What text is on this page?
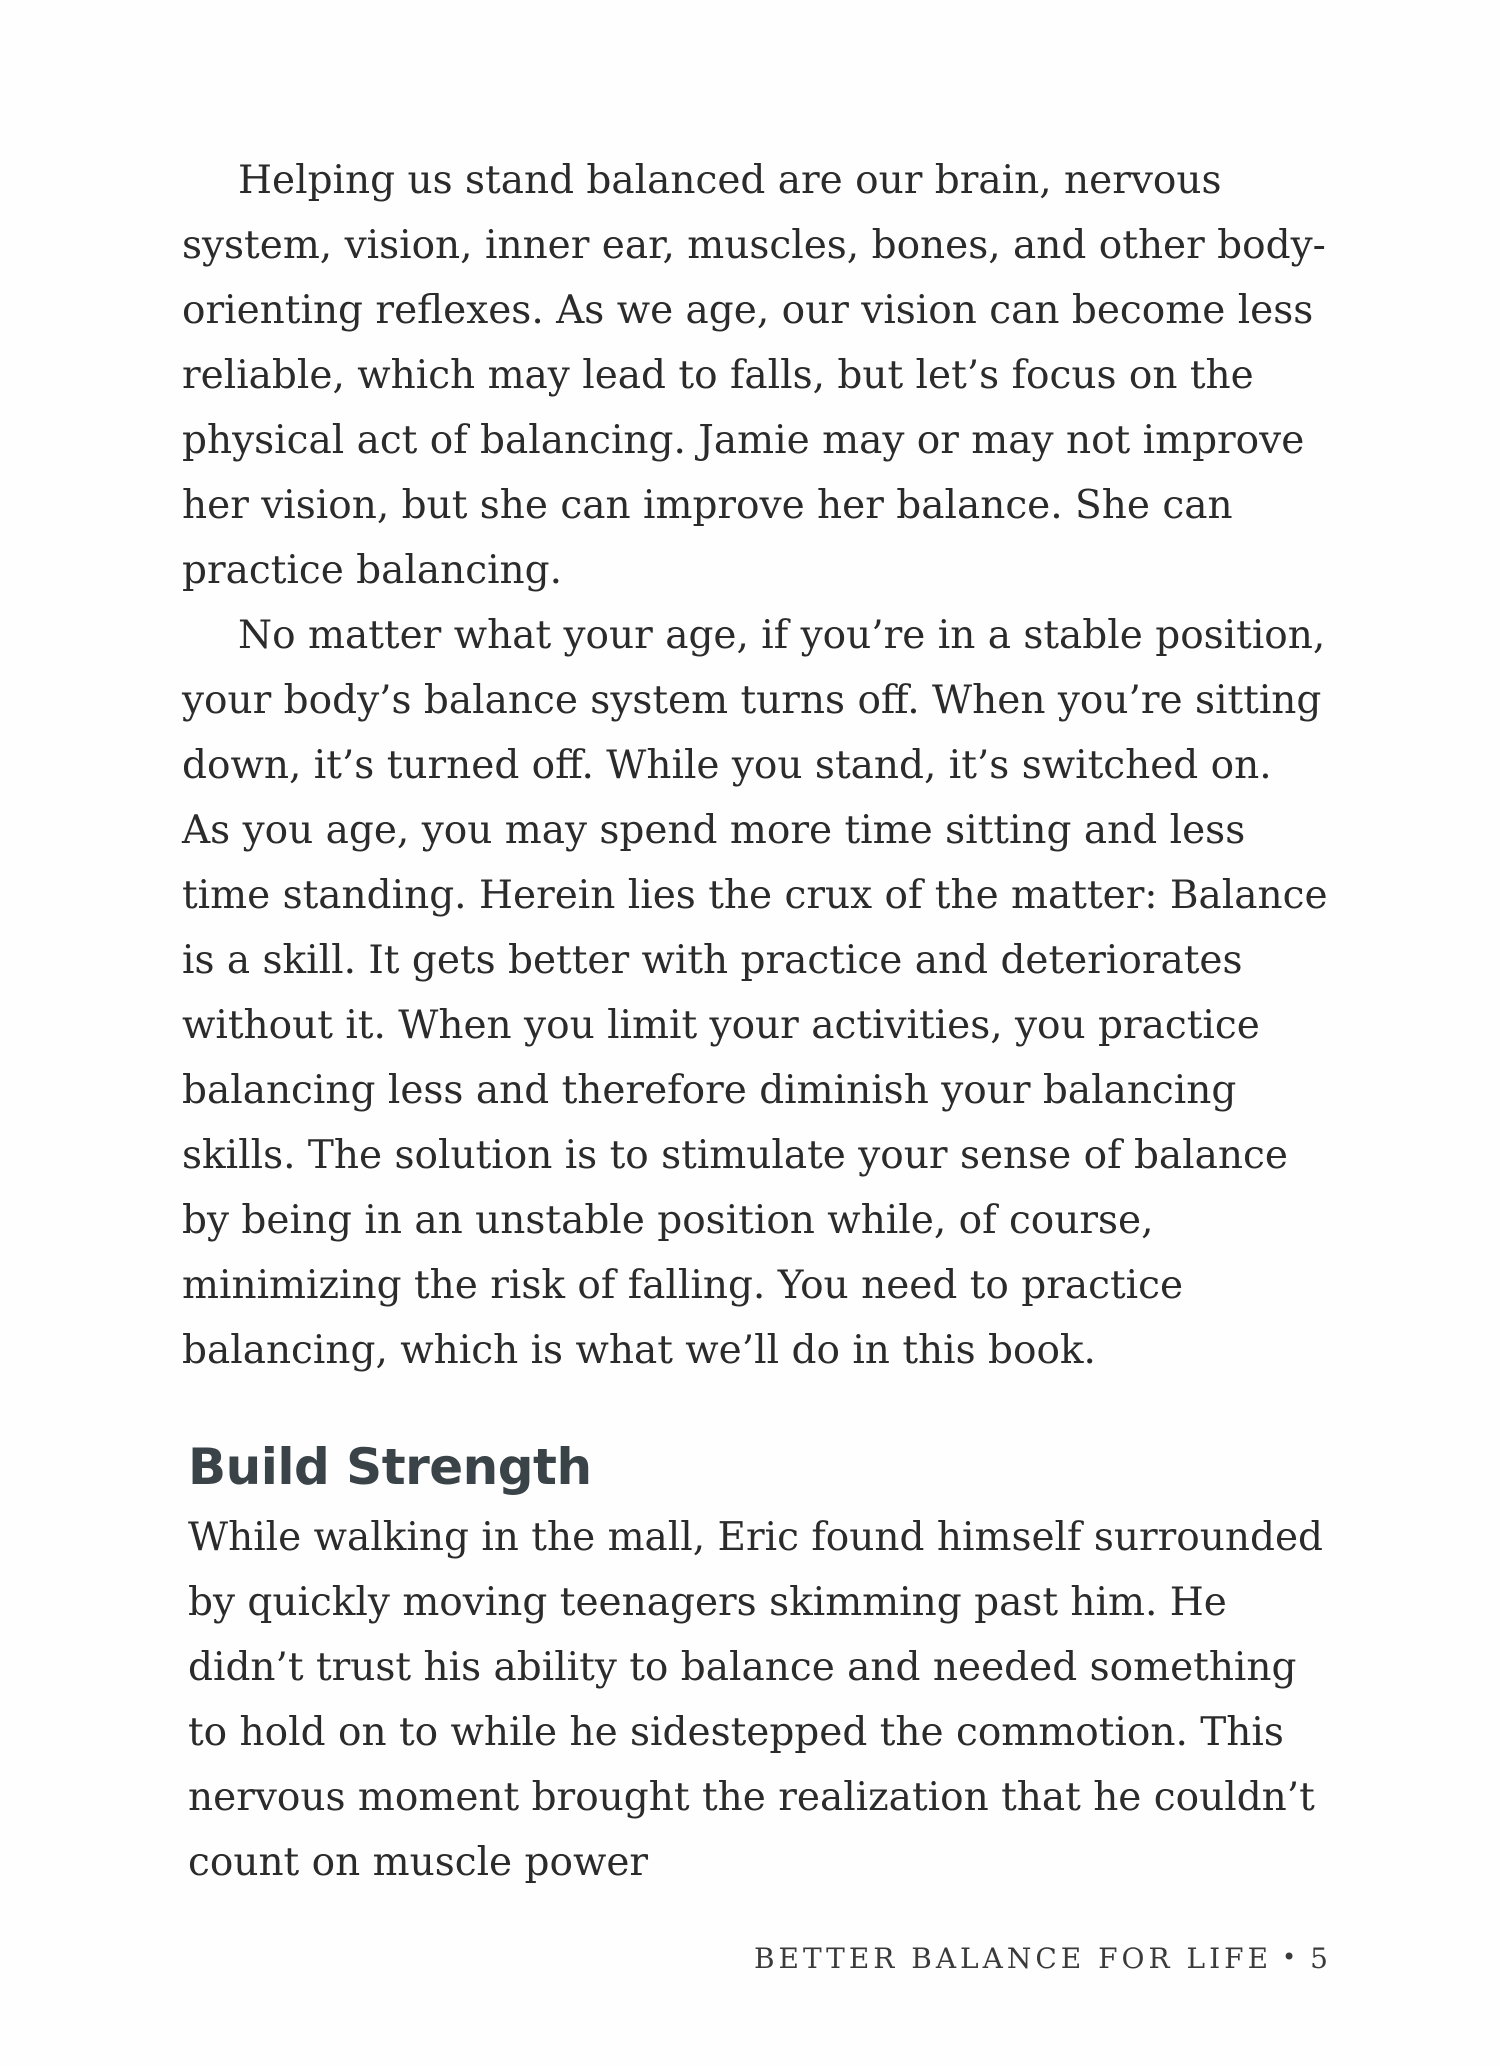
Helping us stand balanced are our brain, nervous system, vision, inner ear, muscles, bones, and other body-orienting reflexes. As we age, our vision can become less reliable, which may lead to falls, but let’s focus on the physical act of balancing. Jamie may or may not improve her vision, but she can improve her balance. She can practice balancing.

No matter what your age, if you’re in a stable position, your body’s balance system turns off. When you’re sitting down, it’s turned off. While you stand, it’s switched on. As you age, you may spend more time sitting and less time standing. Herein lies the crux of the matter: Balance is a skill. It gets better with practice and deteriorates without it. When you limit your activities, you practice balancing less and therefore diminish your balancing skills. The solution is to stimulate your sense of balance by being in an unstable position while, of course, minimizing the risk of falling. You need to practice balancing, which is what we’ll do in this book.

Build Strength

While walking in the mall, Eric found himself surrounded by quickly moving teenagers skimming past him. He didn’t trust his ability to balance and needed something to hold on to while he sidestepped the commotion. This nervous moment brought the realization that he couldn’t count on muscle power

BETTER BALANCE FOR LIFE • 5
